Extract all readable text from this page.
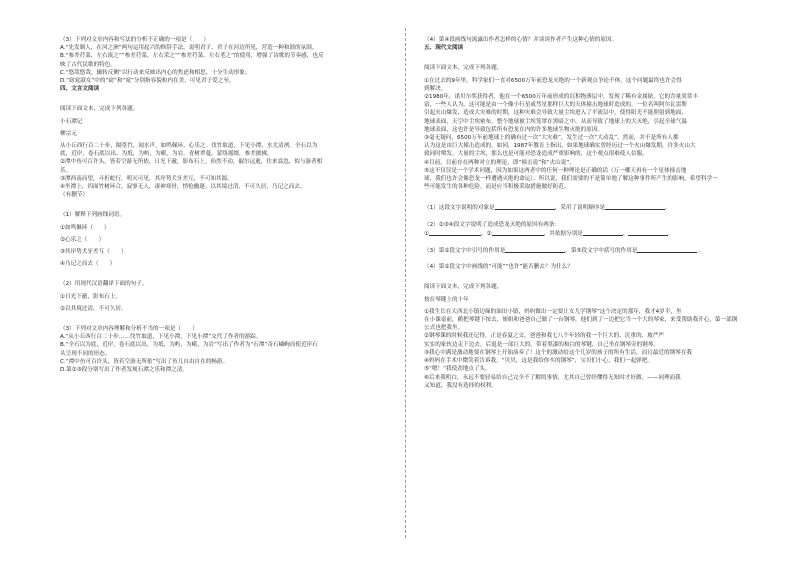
（3）下列对文章内容和写法的分析不正确的一项是（　　）
A.“先发制人，在河之洲”两句运用起兴的修辞手法，说明君子、君子在河边所见，营造一种和谐的氛围。
B.“参差荇菜，左右流之”“参差荇菜，左右采之”“参差荇菜，左右芼之”的使用，增强了诗歌的节奏感，也反
映了古代民歌的特色。
C.“悠哉悠哉，辗转反侧”以行动来反映出内心的焦虑和相思，十分生动形象。
D.“窈窕淑女”中的“窈”和“窕”分别指容貌和内在美，可见君子爱之至。
四、文言文阅读
阅读下面文本，完成下列各题。
小石潭记
柳宗元
从小丘西行百二十步，隔篁竹，闻水声，如鸣佩环，心乐之。伐竹取道，下见小潭，水尤清冽。全石以为
底，近岸，卷石底以出，为坻，为屿，为嵁，为岩。青树翠蔓，蒙络摇缀，参差披拂。
②潭中鱼可百许头，皆若空游无所依，日光下澈，影布石上。佁然不动，俶尔远逝，往来翕忽，似与游者相
乐。
③潭西南而望，斗折蛇行，明灭可见。其岸势犬牙差互，不可知其源。
④坐潭上，四面竹树环合，寂寥无人，凄神寒骨，悄怆幽邃。以其境过清，不可久居，乃记之而去。
（有删节）
（1）解释下列画线词语。
①如鸣佩环（　　）
②心乐之（　　）
③其岸势犬牙差互（　　）
④乃记之而去（　　）
（2）用现代汉语翻译下面的句子。
①日光下澈，影布石上。
②以其境过清，不可久居。
（3）下列对文章内容理解和分析不当的一项是（　　）
A.“从小丘西行百二十步……伐竹取道，下见小潭，下见小潭”交代了作者的游踪。
B.“全石以为底，近岸，卷石底以出，为坻，为屿，为嵁，为岩”写出了作者为“石潭”奇石嶙峋而使近岸石
头呈现不同的形态。
C.“潭中鱼可百许头，皆若空游无所依”写出了鱼儿自由自在的畅游。
D.第②③段分别写出了作者发现石潭之乐和潭之清。
（4）第④段画线句流露出作者怎样的心情？并谈谈作者产生这种心情的原因。
五、现代文阅读
阅读下面文本，完成下列各题。
①在过去的9年里，科学家们一直对6500万年前恐龙灭绝的一个新观点争论不休，这个问题最终也许会得
到解决。
②1980年，诺贝尔奖获得者，他在一个6500万年前形成的沉积物薄层中，发现了稀有金属铱，它的含量異常丰
富，一些人认为，这可能是由一个像小行星或彗星那样巨大的天体撞击地球时造成的。一位名叫阿尔瓦雷斯
引起火山爆发，造成大灾难的时期，这种灾难会导致大量尘埃进入了平流层中，使得阳光不能照射到地面，
地球表面，天空中尘埃密布，整个地球被尘埃笼罩在黑暗之中，从而导致了地球上的大灭绝，引起全球气温
地球表面，这也许是导致包括所有恐龙在内的许多地球生物灭绝的原因。
③毫无疑问，6500万年前地球上的确有过一次“大灾难”，发生过一次“大动乱”，然而，并不是所有人都
认为这是由巨大撞击造成的。如同，1987年教育上指出，如果地球确实曾经历过一个火山爆发期，许多火山大
致同时喷发，大量的尘埃，那么也是可能对恐龙造成严重影响的，这个观点很难使人信服。
④目前，目前存在两种对立的理论，即“撞击说”和“火山说”。
⑤这不仅仅是一个学术问题，因为如果这两者中的任何一种理论是正确的话（万一哪天再有一个星体撞击地
球，我们也许会像恐龙一样遭遇灭绝的命运），所以说，我们需要的不是简单地了解这种事件所产生的影响，希望科学一
些可能发生的各种危险，而是应当积极采取措施做好防范。
（1）这段文字说明的对象是	，采用了说明顺序是	。
（2）②③④段文字说明了造成恐龙灭绝的原因有两条：
①	，②	，其依据分别是	、	。
（3）第②段文字中引号的作用是	，第⑤段文字中括号的作用是	。
（4）第②段文字中画线的“可能”“也许”能否删去？为什么？
阅读下面文本，完成下列各题。
按在琴键上的十年
①我生长在大西北小镇边缘的油田小镇，妈妈做出一定要让女儿学钢琴”这个决定的那年，我才4岁半，坐
在小课桌前，鹅把琴键下按去，姐姐和爸爸自己做了一台钢琴，他们到了一边把它当一个大的琴家，来受帮助我开心，第一部钢
公式也把我坐。
②钢琴课的时候我还记得，正是春夏之交，爸爸和我七八个年轻的我一个巨大的、沉重的、坡严严
实实的家伙边走下边去，后退是一部巨大的、带着黑漆的和白的琴键，自己坐在钢琴旁的钢琴。
③我心中满是激动地要在钢琴上开始演奏了！这个的激动给这个几岁的孩子的所有生活，而且最近的钢琴在我
④妈妈在手术中微笑着告诉我，“贝贝，这是我给你买的钢琴”，宝贝们小心，我们一起弹吧。
⑤“嗯！”我使劲地点了头。
⑥后来我明白，永远不要轻易给自己完全不了解的事情，尤其自己曾经懂得无知时才好做。——同理而我
又知道，我没有选择的权利。
